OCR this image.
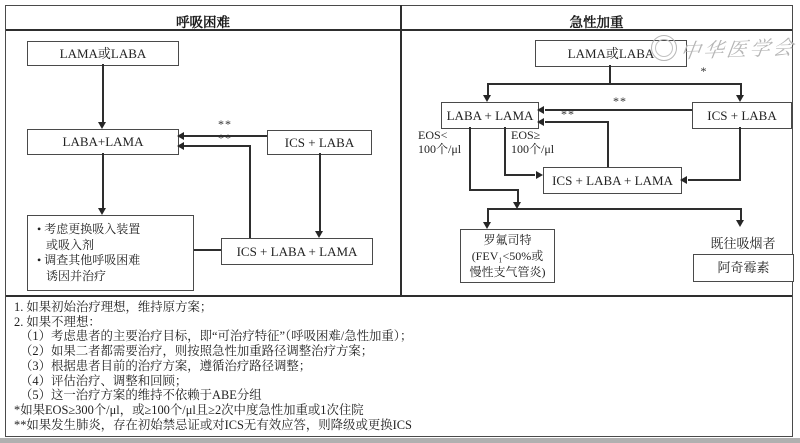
呼吸困难	急性加重
LAMA或LABA
LABA+LAMA	ICS + LABA
**
**
ICS + LABA + LAMA
• 考虑更换吸入装置
或吸入剂
• 调查其他呼吸困难
诱因并治疗
LAMA或LABA 中华医学会
*
LABA + LAMA	ICS + LABA
**
**
EOS<
100个/μl
EOS≥
100个/μl
ICS + LABA + LAMA
罗氟司特
(FEV₁<50%或
慢性支气管炎)
既往吸烟者
阿奇霉素
1. 如果初始治疗理想，维持原方案；
2. 如果不理想：
（1）考虑患者的主要治疗目标，即“可治疗特征”（呼吸困难/急性加重）；
（2）如果二者都需要治疗，则按照急性加重路径调整治疗方案；
（3）根据患者目前的治疗方案，遵循治疗路径调整；
（4）评估治疗、调整和回顾；
（5）这一治疗方案的维持不依赖于ABE分组
*如果EOS≥300个/μl，或≥100个/μl且≥2次中度急性加重或1次住院
**如果发生肺炎，存在初始禁忌证或对ICS无有效应答，则降级或更换ICS
